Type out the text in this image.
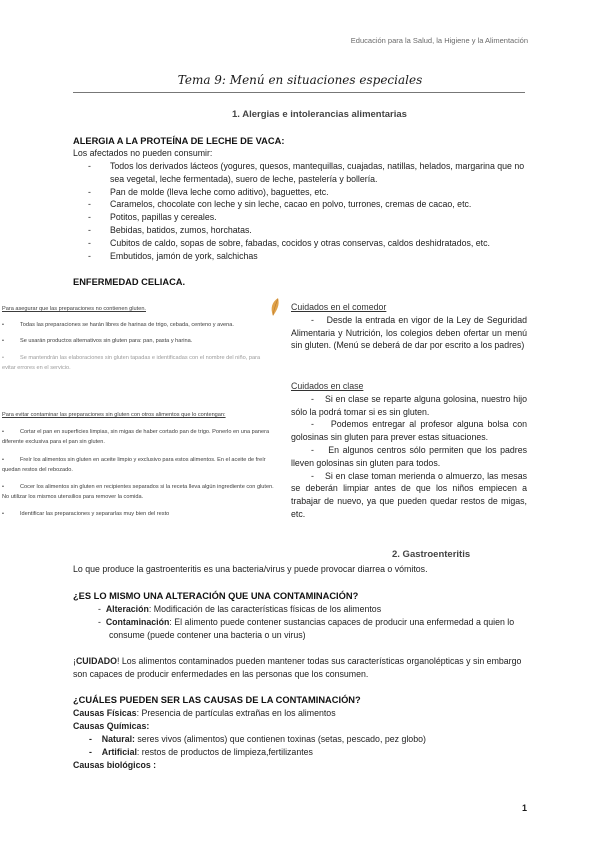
Educación para la Salud, la Higiene y la Alimentación
Tema 9: Menú en situaciones especiales
1. Alergias e intolerancias alimentarias
ALERGIA A LA PROTEÍNA DE LECHE DE VACA:
Los afectados no pueden consumir:
- Todos los derivados lácteos (yogures, quesos, mantequillas, cuajadas, natillas, helados, margarina que no sea vegetal, leche fermentada), suero de leche, pastelería y bollería.
- Pan de molde (lleva leche como aditivo), baguettes, etc.
- Caramelos, chocolate con leche y sin leche, cacao en polvo, turrones, cremas de cacao, etc.
- Potitos, papillas y cereales.
- Bebidas, batidos, zumos, horchatas.
- Cubitos de caldo, sopas de sobre, fabadas, cocidos y otras conservas, caldos deshidratados, etc.
- Embutidos, jamón de york, salchichas
ENFERMEDAD CELIACA.
Para asegurar que las preparaciones no contienen gluten.
•	Todas las preparaciones se harán libres de harinas de trigo, cebada, centeno y avena.
•	Se usarán productos alternativos sin gluten para: pan, pasta y harina.
•	Se mantendrán las elaboraciones sin gluten tapadas e identificadas con el nombre del niño, para evitar errores en el servicio.
Para evitar contaminar las preparaciones sin gluten con otros alimentos que lo contengan:
•	Cortar el pan en superficies limpias, sin migas de haber cortado pan de trigo. Ponerlo en una panera diferente exclusiva para el pan sin gluten.
•	Freír los alimentos sin gluten en aceite limpio y exclusivo para estos alimentos. En el aceite de freír quedan restos del rebozado.
•	Cocer los alimentos sin gluten en recipientes separados si la receta lleva algún ingrediente con gluten. No utilizar los mismos utensilios para remover la comida.
•	Identificar las preparaciones y separarlas muy bien del resto
Cuidados en el comedor
-    Desde la entrada en vigor de la Ley de Seguridad Alimentaria y Nutrición, los colegios deben ofertar un menú sin gluten. (Menú se deberá de dar por escrito a los padres)
Cuidados en clase
-    Si en clase se reparte alguna golosina, nuestro hijo sólo la podrá tomar si es sin gluten.
-    Podemos entregar al profesor alguna bolsa con golosinas sin gluten para prever estas situaciones.
-    En algunos centros sólo permiten que los padres lleven golosinas sin gluten para todos.
-    Si en clase toman merienda o almuerzo, las mesas se deberán limpiar antes de que los niños empiecen a trabajar de nuevo, ya que pueden quedar restos de migas, etc.
2. Gastroenteritis
Lo que produce la gastroenteritis es una bacteria/virus y puede provocar diarrea o vómitos.
¿ES LO MISMO UNA ALTERACIÓN QUE UNA CONTAMINACIÓN?
-  Alteración: Modificación de las características físicas de los alimentos
-  Contaminación: El alimento puede contener sustancias capaces de producir una enfermedad a quien lo consume (puede contener una bacteria o un virus)
¡CUIDADO! Los alimentos contaminados pueden mantener todas sus características organolépticas y sin embargo son capaces de producir enfermedades en las personas que los consumen.
¿CUÁLES PUEDEN SER LAS CAUSAS DE LA CONTAMINACIÓN?
Causas Físicas: Presencia de partículas extrañas en los alimentos
Causas Químicas:
- Natural: seres vivos (alimentos) que contienen toxinas (setas, pescado, pez globo)
- Artificial: restos de productos de limpieza,fertilizantes
Causas biológicos :
1
